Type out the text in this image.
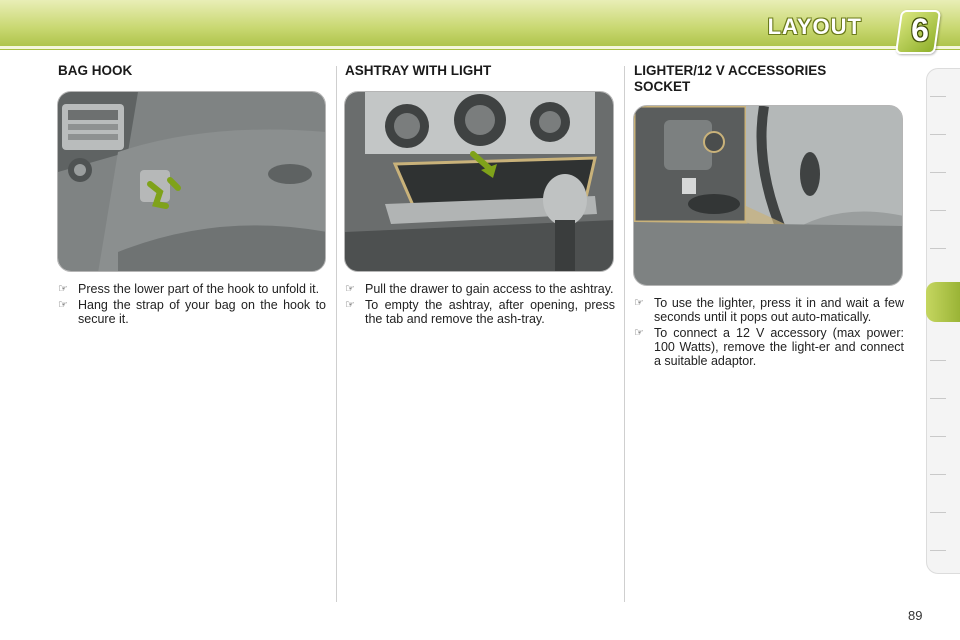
LAYOUT 6
BAG HOOK
☞ Press the lower part of the hook to unfold it.
☞ Hang the strap of your bag on the hook to secure it.
ASHTRAY WITH LIGHT
☞ Pull the drawer to gain access to the ashtray.
☞ To empty the ashtray, after opening, press the tab and remove the ash-tray.
LIGHTER/12 V ACCESSORIES
SOCKET
☞ To use the lighter, press it in and wait a few seconds until it pops out auto-matically.
☞ To connect a 12 V accessory (max power: 100 Watts), remove the light-er and connect a suitable adaptor.
89
